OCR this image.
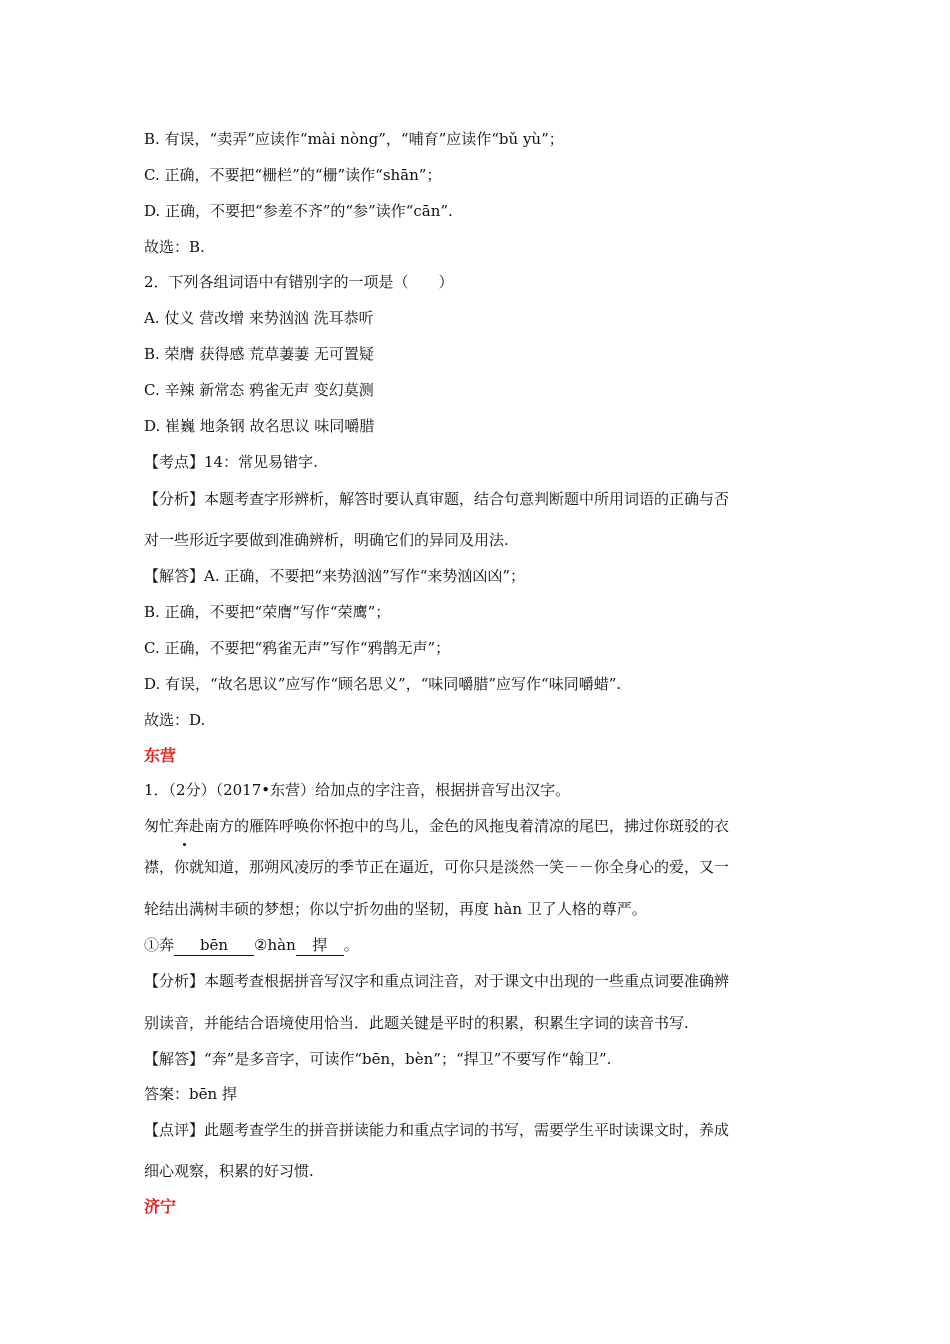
B. 有误，“卖弄”应读作“mài nòng”，“哺育”应读作“bǔ yù”；
C. 正确，不要把“栅栏”的“栅”读作“shān”；
D. 正确，不要把“参差不齐”的“参”读作“cān”.
故选：B.
2．下列各组词语中有错别字的一项是（　　）
A. 仗义 营改增 来势汹汹 洗耳恭听
B. 荣膺 获得感 荒草萋萋 无可置疑
C. 辛辣 新常态 鸦雀无声 变幻莫测
D. 崔巍 地条钢 故名思议 味同嚼腊
【考点】14：常见易错字.
【分析】本题考查字形辨析，解答时要认真审题，结合句意判断题中所用词语的正确与否
对一些形近字要做到准确辨析，明确它们的异同及用法.
【解答】A. 正确，不要把“来势汹汹”写作“来势汹凶凶”；
B. 正确，不要把“荣膺”写作“荣鹰”；
C. 正确，不要把“鸦雀无声”写作“鸦鹊无声”；
D. 有误，“故名思议”应写作“顾名思义”，“味同嚼腊”应写作“味同嚼蜡”.
故选：D.
东营
1．（2分）（2017•东营）给加点的字注音，根据拼音写出汉字。
匆忙奔赴南方的雁阵呼唤你怀抱中的鸟儿，金色的风拖曳着清凉的尾巴，拂过你斑驳的衣
襟，你就知道，那朔风凌厉的季节正在逼近，可你只是淡然一笑－－你全身心的爱，又一
轮结出满树丰硕的梦想；你以宁折勿曲的坚韧，再度 hàn 卫了人格的尊严。
①奔 bēn ②hàn 捍 。
【分析】本题考查根据拼音写汉字和重点词注音，对于课文中出现的一些重点词要准确辨
别读音，并能结合语境使用恰当．此题关键是平时的积累，积累生字词的读音书写.
【解答】“奔”是多音字，可读作“bēn，bèn”；“捍卫”不要写作“翰卫”.
答案：bēn 捍
【点评】此题考查学生的拼音拼读能力和重点字词的书写，需要学生平时读课文时，养成
细心观察，积累的好习惯.
济宁
